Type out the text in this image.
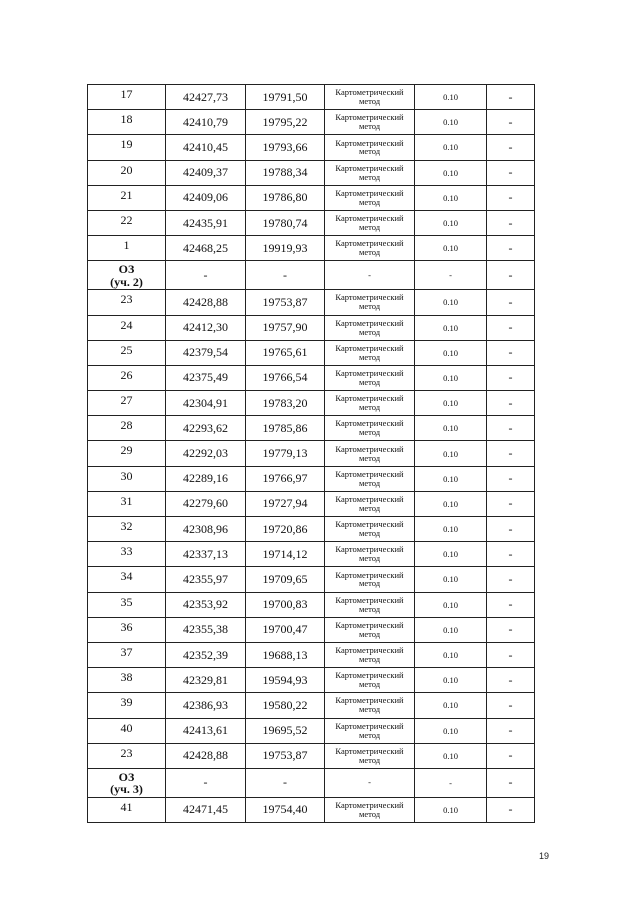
17	42427,73	19791,50	Картометрический метод	0.10	-
18	42410,79	19795,22	Картометрический метод	0.10	-
19	42410,45	19793,66	Картометрический метод	0.10	-
20	42409,37	19788,34	Картометрический метод	0.10	-
21	42409,06	19786,80	Картометрический метод	0.10	-
22	42435,91	19780,74	Картометрический метод	0.10	-
1	42468,25	19919,93	Картометрический метод	0.10	-

ОЗ
(уч. 2)	-	-	-	-	-
23	42428,88	19753,87	Картометрический метод	0.10	-
24	42412,30	19757,90	Картометрический метод	0.10	-
25	42379,54	19765,61	Картометрический метод	0.10	-
26	42375,49	19766,54	Картометрический метод	0.10	-
27	42304,91	19783,20	Картометрический метод	0.10	-
28	42293,62	19785,86	Картометрический метод	0.10	-
29	42292,03	19779,13	Картометрический метод	0.10	-
30	42289,16	19766,97	Картометрический метод	0.10	-
31	42279,60	19727,94	Картометрический метод	0.10	-
32	42308,96	19720,86	Картометрический метод	0.10	-
33	42337,13	19714,12	Картометрический метод	0.10	-
34	42355,97	19709,65	Картометрический метод	0.10	-
35	42353,92	19700,83	Картометрический метод	0.10	-
36	42355,38	19700,47	Картометрический метод	0.10	-
37	42352,39	19688,13	Картометрический метод	0.10	-
38	42329,81	19594,93	Картометрический метод	0.10	-
39	42386,93	19580,22	Картометрический метод	0.10	-
40	42413,61	19695,52	Картометрический метод	0.10	-
23	42428,88	19753,87	Картометрический метод	0.10	-

ОЗ
(уч. 3)	-	-	-	-	-
41	42471,45	19754,40	Картометрический метод	0.10	-
19
